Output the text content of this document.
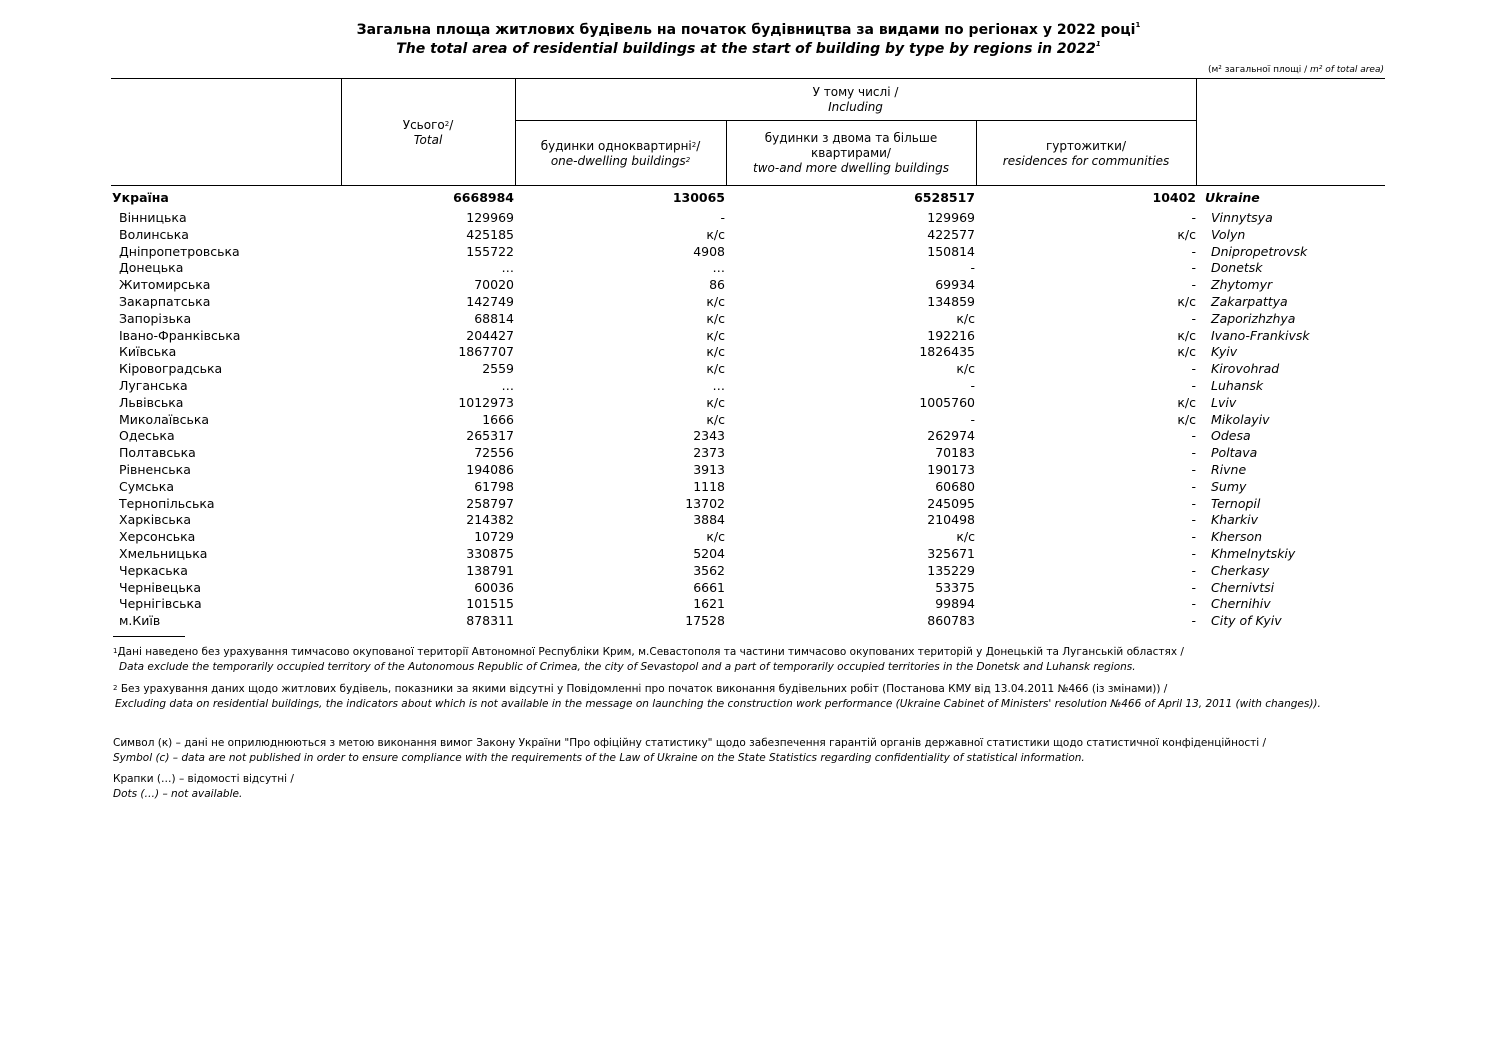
Загальна площа житлових будівель на початок будівництва за видами по регіонах у 2022 році$^1$
The total area of residential buildings at the start of building by type by regions in 2022$^1$
(м² загальної площі / m² of total area)
Усього$^2$/
Total
У тому числі /
Including
будинки одноквартирні$^2$/
one-dwelling buildings$^2$
будинки з двома та більше
квартирами/
two-and more dwelling buildings
гуртожитки/
residences for communities
Україна	6668984	130065	6528517	10402 Ukraine
Вінницька	129969	-	129969	- Vinnytsya
Волинська	425185	к/с	422577	к/с Volyn
Дніпропетровська	155722	4908	150814	- Dnipropetrovsk
Донецька	…	…	-	- Donetsk
Житомирська	70020	86	69934	- Zhytomyr
Закарпатська	142749	к/с	134859	к/с Zakarpattya
Запорізька	68814	к/с	к/с	- Zaporizhzhya
Івано-Франківська	204427	к/с	192216	к/с Ivano-Frankivsk
Київська	1867707	к/с	1826435	к/с Kyiv
Кіровоградська	2559	к/с	к/с	- Kirovohrad
Луганська	…	…	-	- Luhansk
Львівська	1012973	к/с	1005760	к/с Lviv
Миколаївська	1666	к/с	-	к/с Mikolayiv
Одеська	265317	2343	262974	- Odesa
Полтавська	72556	2373	70183	- Poltava
Рівненська	194086	3913	190173	- Rivne
Сумська	61798	1118	60680	- Sumy
Тернопільська	258797	13702	245095	- Ternopil
Харківська	214382	3884	210498	- Kharkiv
Херсонська	10729	к/с	к/с	- Kherson
Хмельницька	330875	5204	325671	- Khmelnytskiy
Черкаська	138791	3562	135229	- Cherkasy
Чернівецька	60036	6661	53375	- Chernivtsi
Чернігівська	101515	1621	99894	- Chernihiv
м.Київ	878311	17528	860783	- City of Kyiv
$^1$Дані наведено без урахування тимчасово окупованої території Автономної Республіки Крим, м.Севастополя та частини тимчасово окупованих територій у Донецькій та Луганській областях /
Data exclude the temporarily occupied territory of the Autonomous Republic of Crimea, the city of Sevastopol and a part of temporarily occupied territories in the Donetsk and Luhansk regions.
$^2$ Без урахування даних щодо житлових будівель, показники за якими відсутні у Повідомленні про початок виконання будівельних робіт (Постанова КМУ від 13.04.2011 №466 (із змінами)) /
Excluding data on residential buildings, the indicators about which is not available in the message on launching the construction work performance (Ukraine Cabinet of Ministers' resolution №466 of April 13, 2011 (with changes)).
Символ (к) – дані не оприлюднюються з метою виконання вимог Закону України "Про офіційну статистику" щодо забезпечення гарантій органів державної статистики щодо статистичної конфіденційності /
Symbol (c) – data are not published in order to ensure compliance with the requirements of the Law of Ukraine on the State Statistics regarding confidentiality of statistical information.
Крапки (…) – відомості відсутні /
Dots (…) – not available.
